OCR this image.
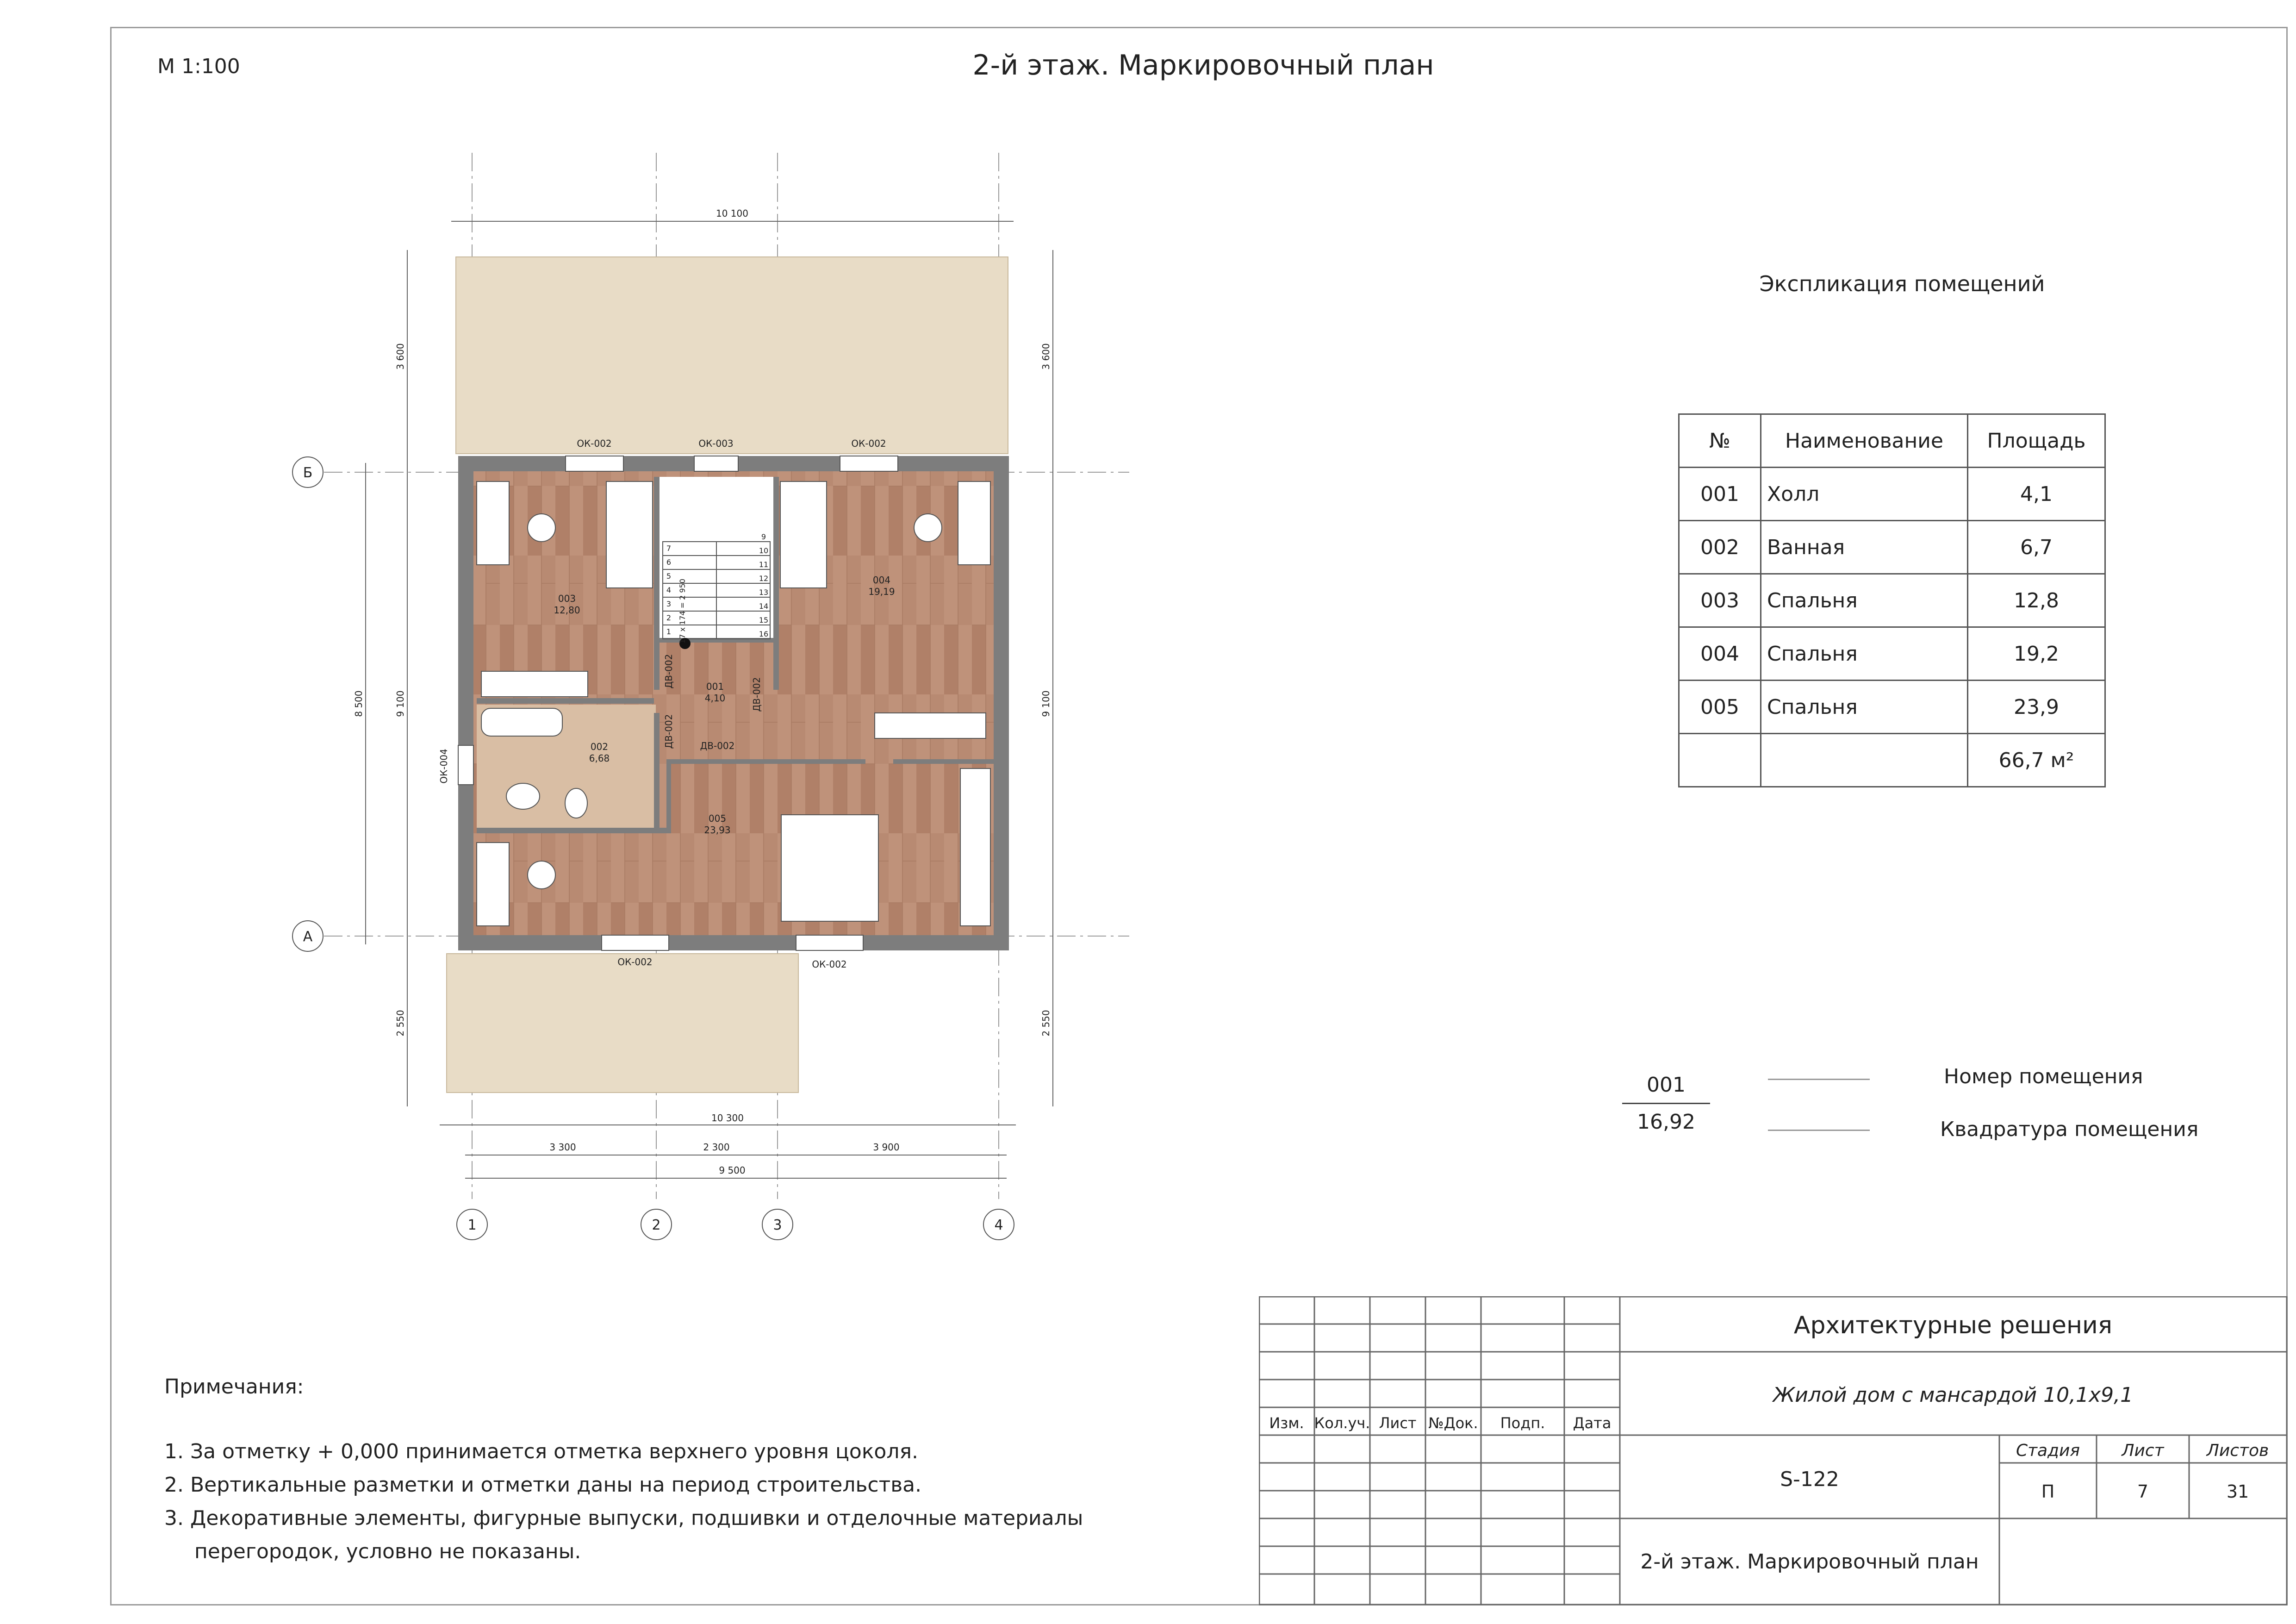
М 1:100	2-й этаж. Маркировочный план
ОК-002	ОК-003	ОК-002
ОК-002	ОК-002
ОК-004
ДВ-002
ДВ-002
ДВ-002
ДВ-002
7
6
5
4
3
2
1
9
10
11
12
13
14
15
16
17 х 174 = 2 950
003
12,80
004
19,19
001
4,10
002
6,68
005
23,93
10 100
10 300
3 300	2 300	3 900
9 500
3 600
9 100
8 500
2 550
3 600
9 100
2 550
1	2	3	4
Б
А
Экспликация помещений
№	Наименование	Площадь
001	Холл	4,1
002	Ванная	6,7
003	Спальня	12,8
004	Спальня	19,2
005	Спальня	23,9
		66,7 м²
001
16,92
Номер помещения
Квадратура помещения
Примечания:
1. За отметку + 0,000 принимается отметка верхнего уровня цоколя.
2. Вертикальные разметки и отметки даны на период строительства.
3. Декоративные элементы, фигурные выпуски, подшивки и отделочные материалы
перегородок, условно не показаны.
Изм. Кол.уч. Лист №Док. Подп. Дата
Архитектурные решения
Жилой дом с мансардой 10,1х9,1
S-122
Стадия	Лист	Листов
П	7	31
2-й этаж. Маркировочный план
